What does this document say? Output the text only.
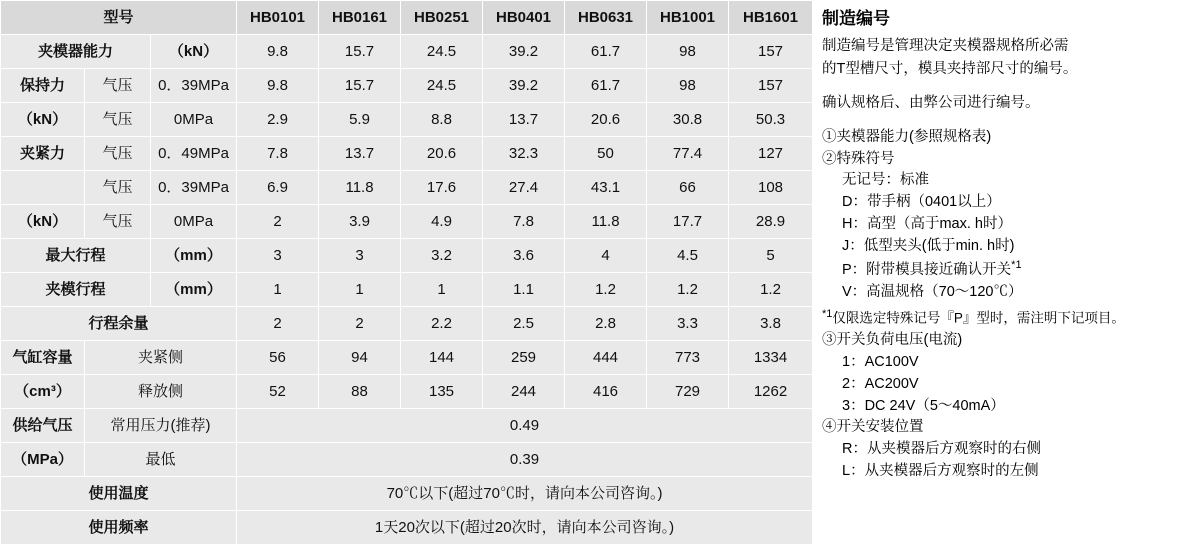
型号			HB0101	HB0161	HB0251	HB0401	HB0631	HB1001	HB1601
夹模器能力		（kN）	9.8	15.7	24.5	39.2	61.7	98	157
保持力	气压	0．39MPa	9.8	15.7	24.5	39.2	61.7	98	157
（kN）	气压	0MPa	2.9	5.9	8.8	13.7	20.6	30.8	50.3
夹紧力	气压	0．49MPa	7.8	13.7	20.6	32.3	50	77.4	127
	气压	0．39MPa	6.9	11.8	17.6	27.4	43.1	66	108
（kN）	气压	0MPa	2	3.9	4.9	7.8	11.8	17.7	28.9
最大行程		（mm）	3	3	3.2	3.6	4	4.5	5
夹模行程		（mm）	1	1	1	1.1	1.2	1.2	1.2
行程余量			2	2	2.2	2.5	2.8	3.3	3.8
气缸容量	夹紧侧		56	94	144	259	444	773	1334
（cm³）	释放侧		52	88	135	244	416	729	1262
供给气压	常用压力(推荐)		0.49						
（MPa）	最低		0.39						
使用温度			70℃以下(超过70℃时，请向本公司咨询。)						
使用频率			1天20次以下(超过20次时，请向本公司咨询。)						
制造编号

制造编号是管理决定夹模器规格所必需

的T型槽尺寸，模具夹持部尺寸的编号。

确认规格后、由弊公司进行编号。

①夹模器能力(参照规格表)

②特殊符号

无记号：标准

D：带手柄（0401以上）

H：高型（高于max. h时）

J：低型夹头(低于min. h时)

P：附带模具接近确认开关$^{*1}$

V：高温规格（70～120℃）

$^{*1}$仅限选定特殊记号『P』型时，需注明下记项目。

③开关负荷电压(电流)

1：AC100V

2：AC200V

3：DC 24V（5～40mA）

④开关安装位置

R：从夹模器后方观察时的右侧

L：从夹模器后方观察时的左侧
